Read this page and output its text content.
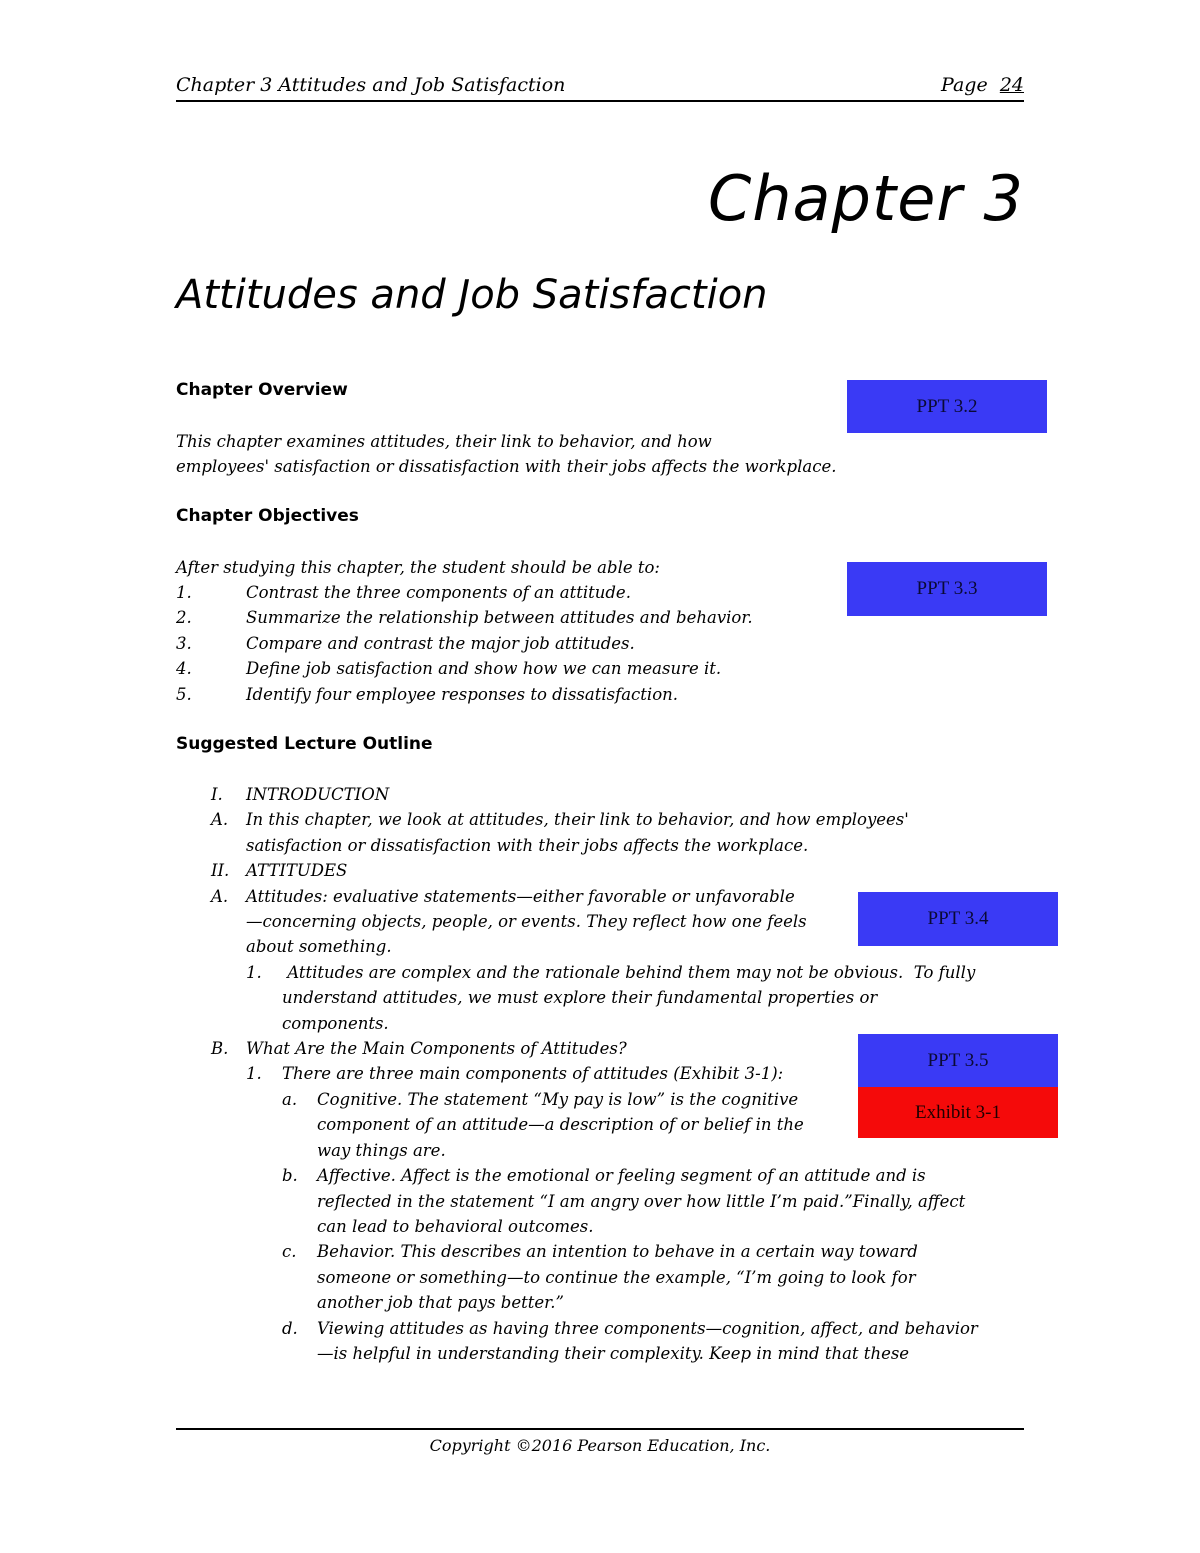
Chapter 3 Attitudes and Job Satisfaction	Page 24
Chapter 3
Attitudes and Job Satisfaction
Chapter Overview
This chapter examines attitudes, their link to behavior, and how
employees' satisfaction or dissatisfaction with their jobs affects the workplace.
Chapter Objectives
After studying this chapter, the student should be able to:
1.	Contrast the three components of an attitude.
2.	Summarize the relationship between attitudes and behavior.
3.	Compare and contrast the major job attitudes.
4.	Define job satisfaction and show how we can measure it.
5.	Identify four employee responses to dissatisfaction.
Suggested Lecture Outline
I.	INTRODUCTION
A.	In this chapter, we look at attitudes, their link to behavior, and how employees'
satisfaction or dissatisfaction with their jobs affects the workplace.
II.	ATTITUDES
A.	Attitudes: evaluative statements—either favorable or unfavorable
—concerning objects, people, or events. They reflect how one feels
about something.
1.	Attitudes are complex and the rationale behind them may not be obvious.  To fully
understand attitudes, we must explore their fundamental properties or
components.
B.	What Are the Main Components of Attitudes?
1.	There are three main components of attitudes (Exhibit 3-1):
a.	Cognitive. The statement “My pay is low” is the cognitive
component of an attitude—a description of or belief in the
way things are.
b.	Affective. Affect is the emotional or feeling segment of an attitude and is
reflected in the statement “I am angry over how little I’m paid.”Finally, affect
can lead to behavioral outcomes.
c.	Behavior. This describes an intention to behave in a certain way toward
someone or something—to continue the example, “I’m going to look for
another job that pays better.”
d.	Viewing attitudes as having three components—cognition, affect, and behavior
—is helpful in understanding their complexity. Keep in mind that these
PPT 3.2
PPT 3.3
PPT 3.4
PPT 3.5
Exhibit 3-1
Copyright ©2016 Pearson Education, Inc.
